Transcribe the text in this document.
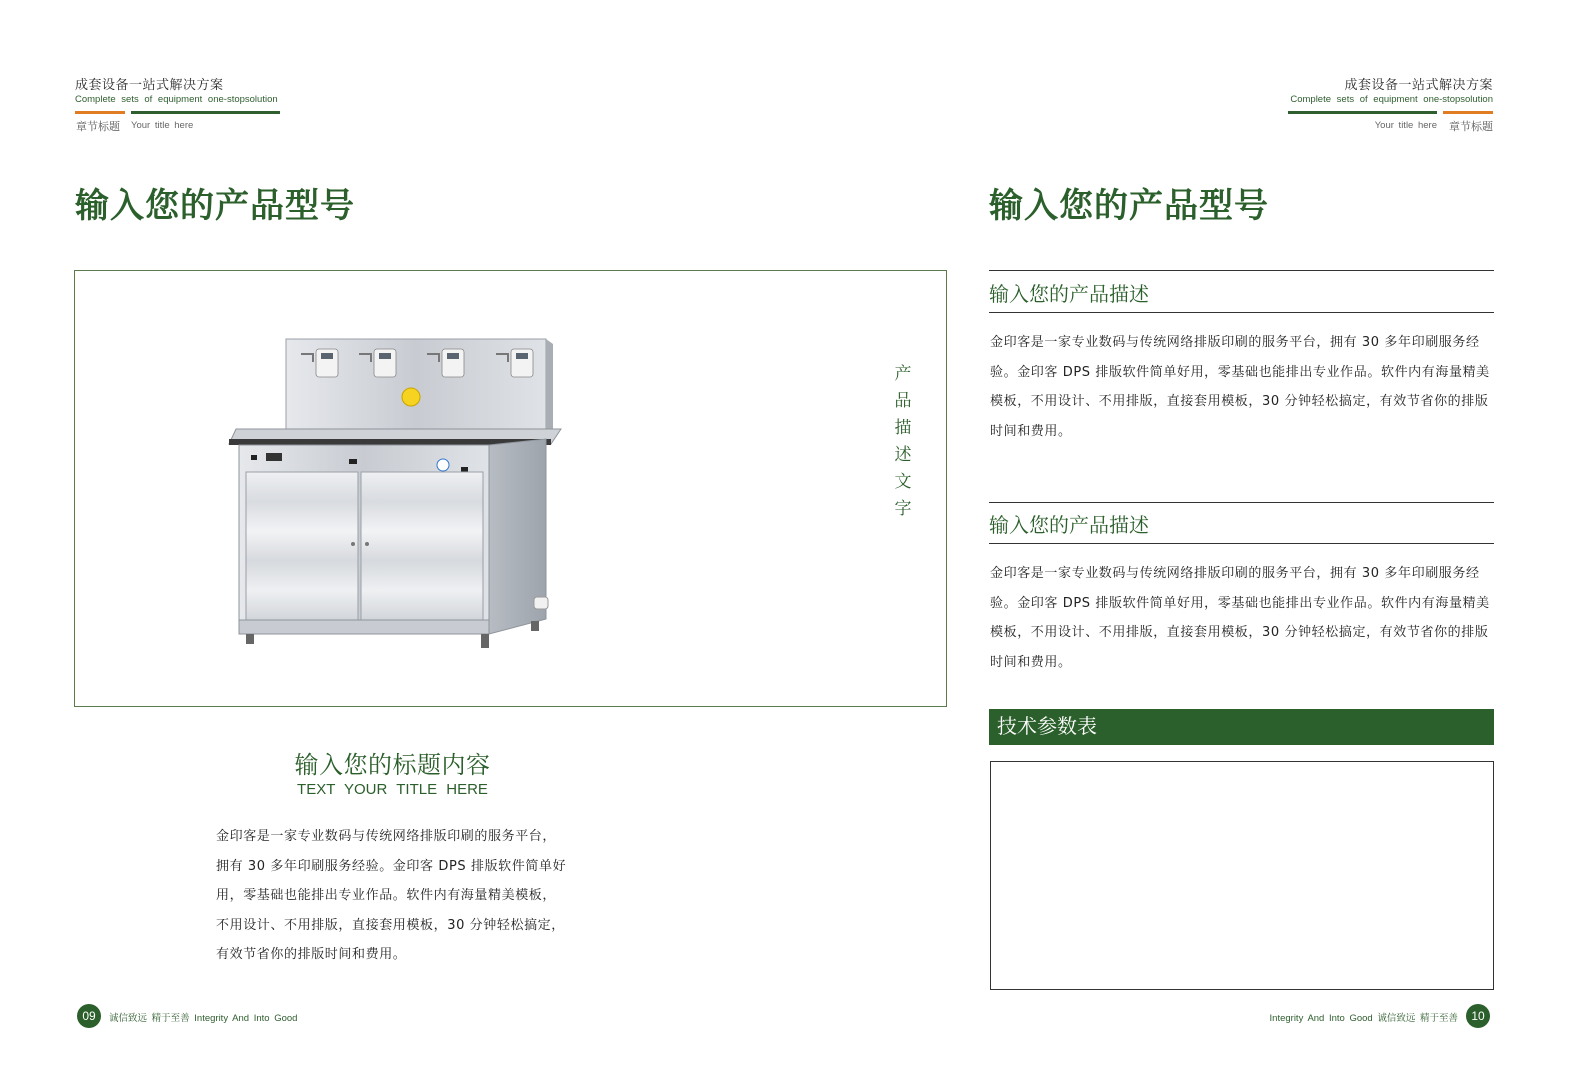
成套设备一站式解决方案
Complete sets of equipment one-stopsolution
章节标题 Your title here
输入您的产品型号
产
品
描
述
文
字
输入您的标题内容
TEXT YOUR TITLE HERE
金印客是一家专业数码与传统网络排版印刷的服务平台，
拥有 30 多年印刷服务经验。金印客 DPS 排版软件简单好
用，零基础也能排出专业作品。软件内有海量精美模板，
不用设计、不用排版，直接套用模板，30 分钟轻松搞定，
有效节省你的排版时间和费用。
09	诚信致远 精于至善 Integrity And Into Good
成套设备一站式解决方案
Complete sets of equipment one-stopsolution
Your title here 章节标题
输入您的产品型号
输入您的产品描述
金印客是一家专业数码与传统网络排版印刷的服务平台，拥有 30 多年印刷服务经
验。金印客 DPS 排版软件简单好用，零基础也能排出专业作品。软件内有海量精美
模板，不用设计、不用排版，直接套用模板，30 分钟轻松搞定，有效节省你的排版
时间和费用。
输入您的产品描述
金印客是一家专业数码与传统网络排版印刷的服务平台，拥有 30 多年印刷服务经
验。金印客 DPS 排版软件简单好用，零基础也能排出专业作品。软件内有海量精美
模板，不用设计、不用排版，直接套用模板，30 分钟轻松搞定，有效节省你的排版
时间和费用。
技术参数表
Integrity And Into Good 诚信致远 精于至善	10
